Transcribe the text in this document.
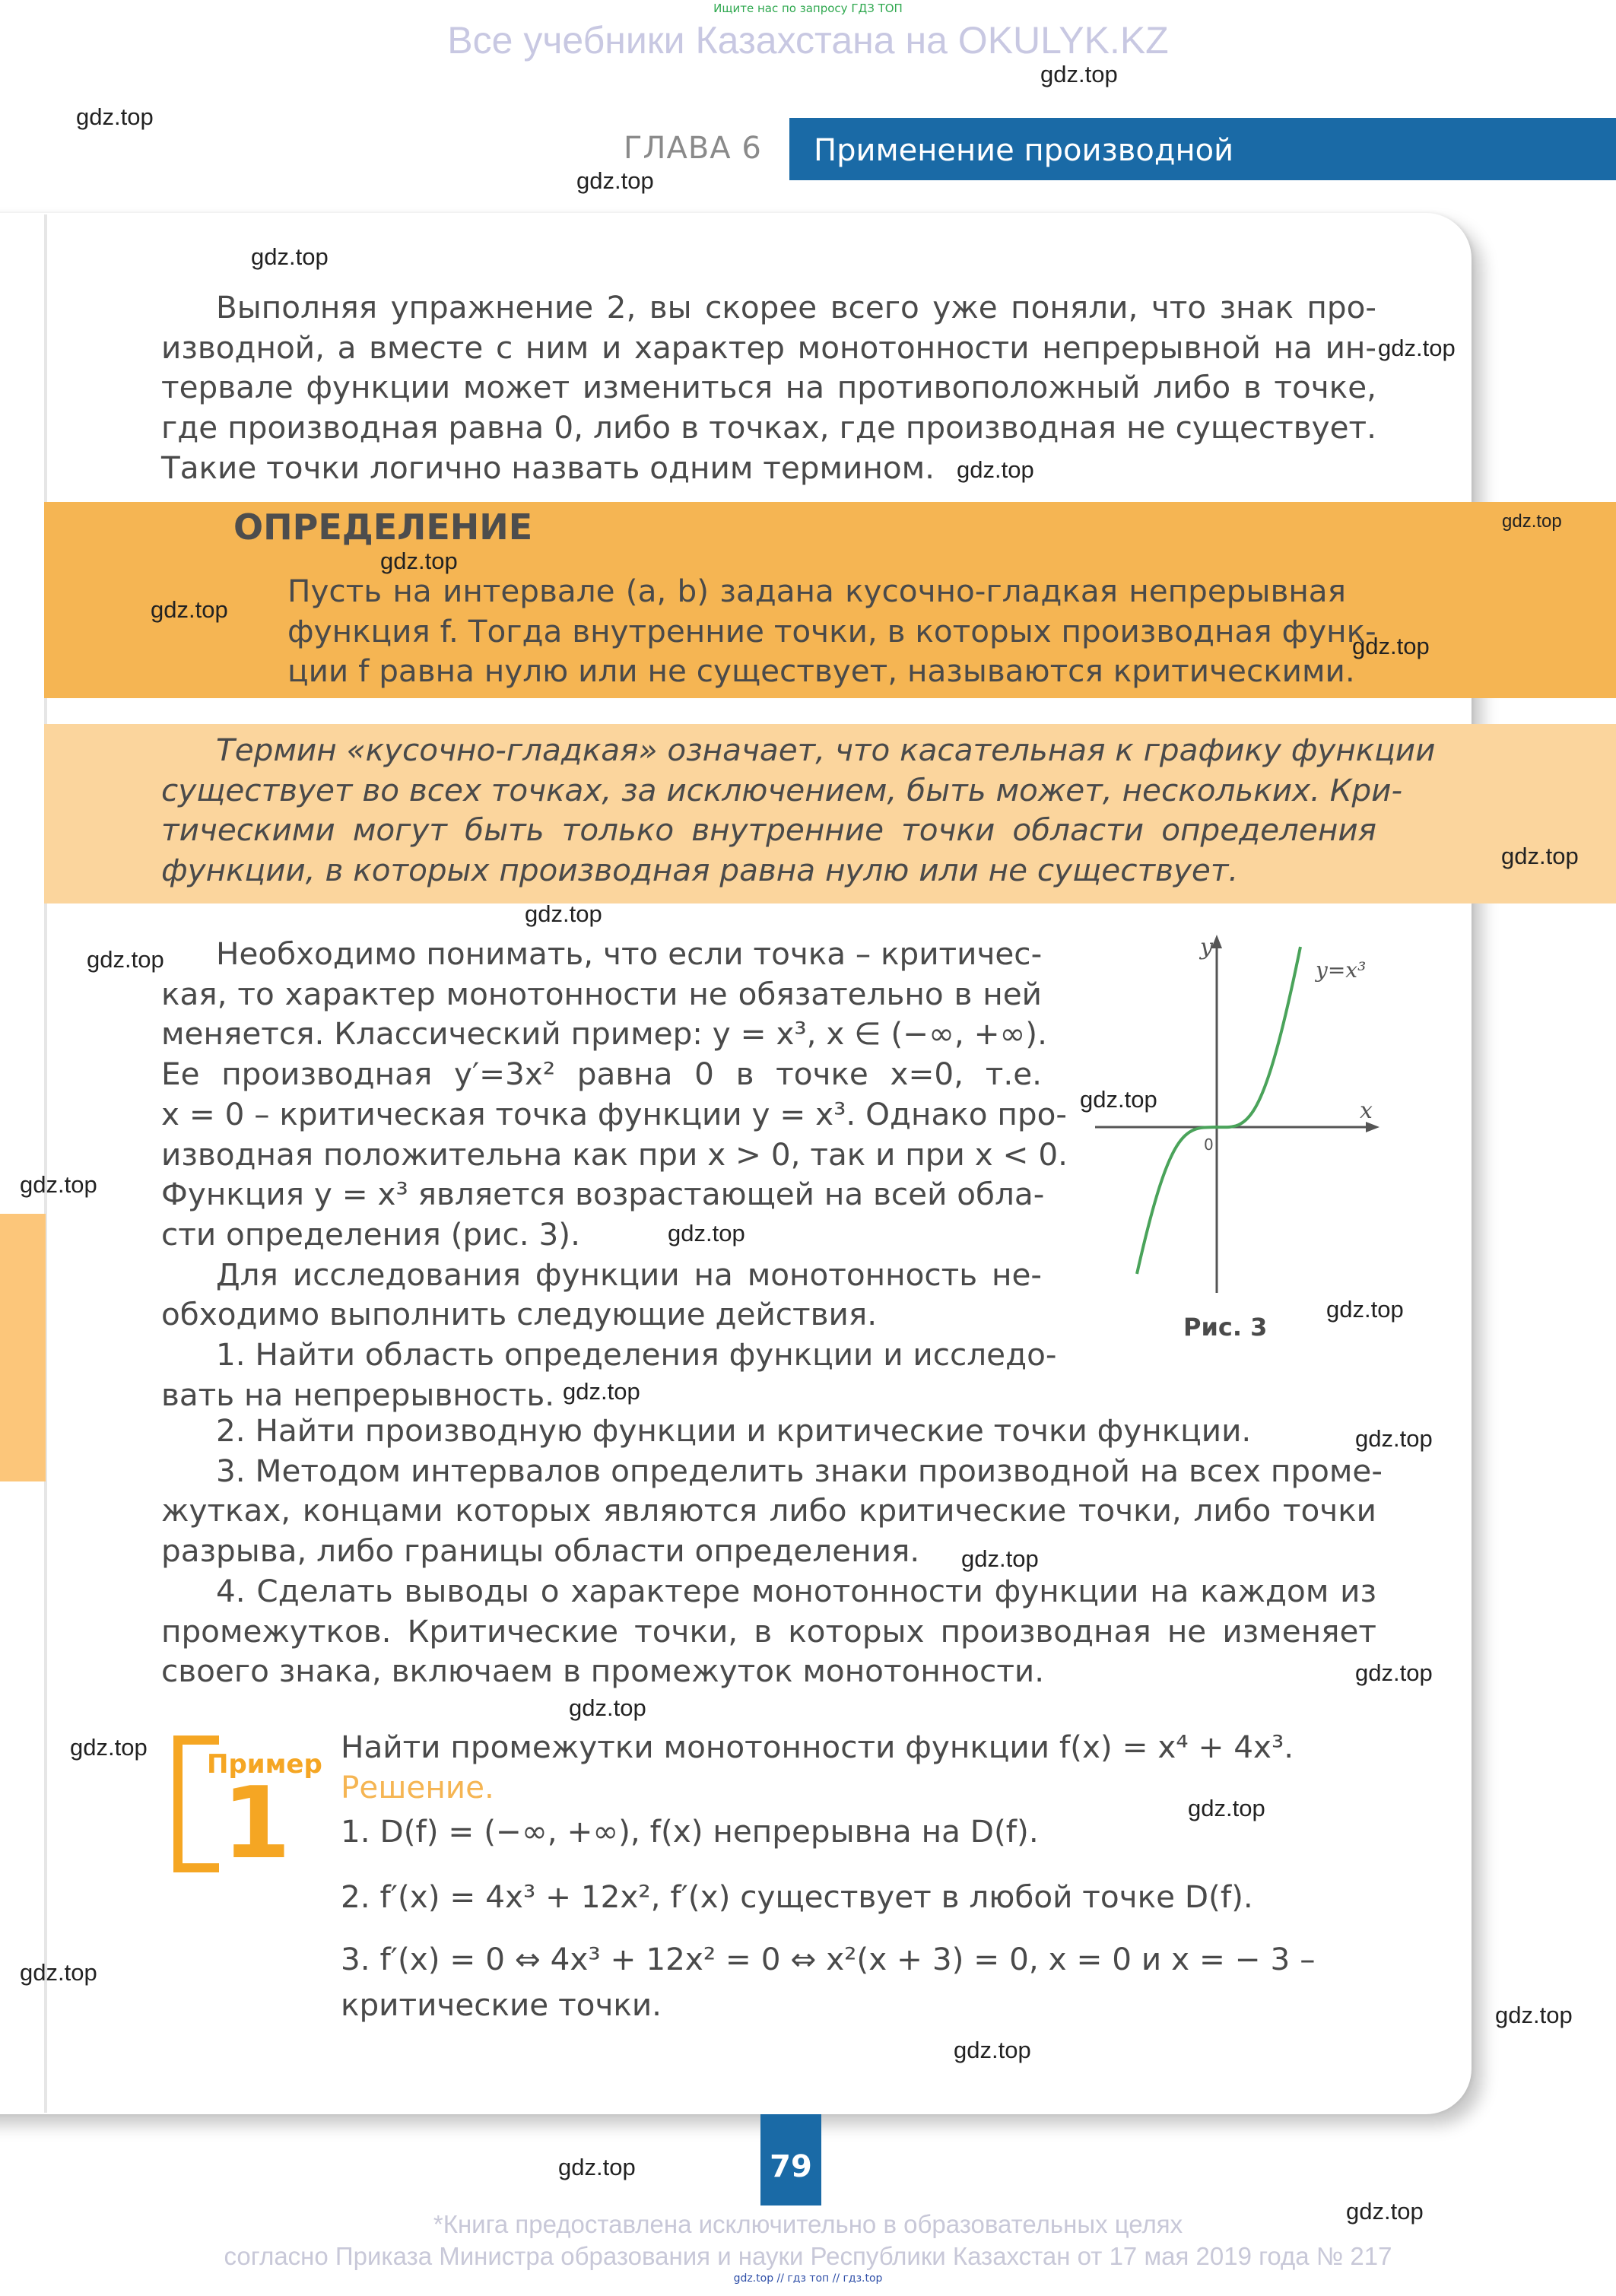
Ищите нас по запросу ГДЗ ТОП
Все учебники Казахстана на OKULYK.KZ
ГЛАВА 6 Применение производной
Выполняя упражнение 2, вы скорее всего уже поняли, что знак про-
изводной, а вместе с ним и характер монотонности непрерывной на ин-
тервале функции может измениться на противоположный либо в точке,
где производная равна 0, либо в точках, где производная не существует.
Такие точки логично назвать одним термином.
ОПРЕДЕЛЕНИЕ
Пусть на интервале (a, b) задана кусочно-гладкая непрерывная
функция f. Тогда внутренние точки, в которых производная функ-
ции f равна нулю или не существует, называются критическими.
Термин «кусочно-гладкая» означает, что касательная к графику функции
существует во всех точках, за исключением, быть может, нескольких. Кри-
тическими могут быть только внутренние точки области определения
функции, в которых производная равна нулю или не существует.
Необходимо понимать, что если точка – критичес-
кая, то характер монотонности не обязательно в ней
меняется. Классический пример: y = x³, x ∈ (−∞, +∞).
Ее производная y′=3x² равна 0 в точке x=0, т.е.
x = 0 – критическая точка функции y = x³. Однако про-
изводная положительна как при x > 0, так и при x < 0.
Функция y = x³ является возрастающей на всей обла-
сти определения (рис. 3).
Для исследования функции на монотонность не-
обходимо выполнить следующие действия.
1. Найти область определения функции и исследо-
вать на непрерывность.
y
x
0
y=x³
Рис. 3
2. Найти производную функции и критические точки функции.
3. Методом интервалов определить знаки производной на всех проме-
жутках, концами которых являются либо критические точки, либо точки
разрыва, либо границы области определения.
4. Сделать выводы о характере монотонности функции на каждом из
промежутков. Критические точки, в которых производная не изменяет
своего знака, включаем в промежуток монотонности.
Пример
1
Найти промежутки монотонности функции f(x) = x⁴ + 4x³.
Решение.
1. D(f) = (−∞, +∞), f(x) непрерывна на D(f).
2. f′(x) = 4x³ + 12x², f′(x) существует в любой точке D(f).
3. f′(x) = 0 ⇔ 4x³ + 12x² = 0 ⇔ x²(x + 3) = 0, x = 0 и x = − 3 –
критические точки.
79
*Книга предоставлена исключительно в образовательных целях
согласно Приказа Министра образования и науки Республики Казахстан от 17 мая 2019 года № 217
gdz.top // гдз топ // гдз.top
gdz.top
gdz.top
gdz.top
gdz.top
gdz.top
gdz.top
gdz.top
gdz.top
gdz.top
gdz.top
gdz.top
gdz.top
gdz.top
gdz.top
gdz.top
gdz.top
gdz.top
gdz.top
gdz.top
gdz.top
gdz.top
gdz.top
gdz.top
gdz.top
gdz.top
gdz.top
gdz.top
gdz.top
gdz.top
